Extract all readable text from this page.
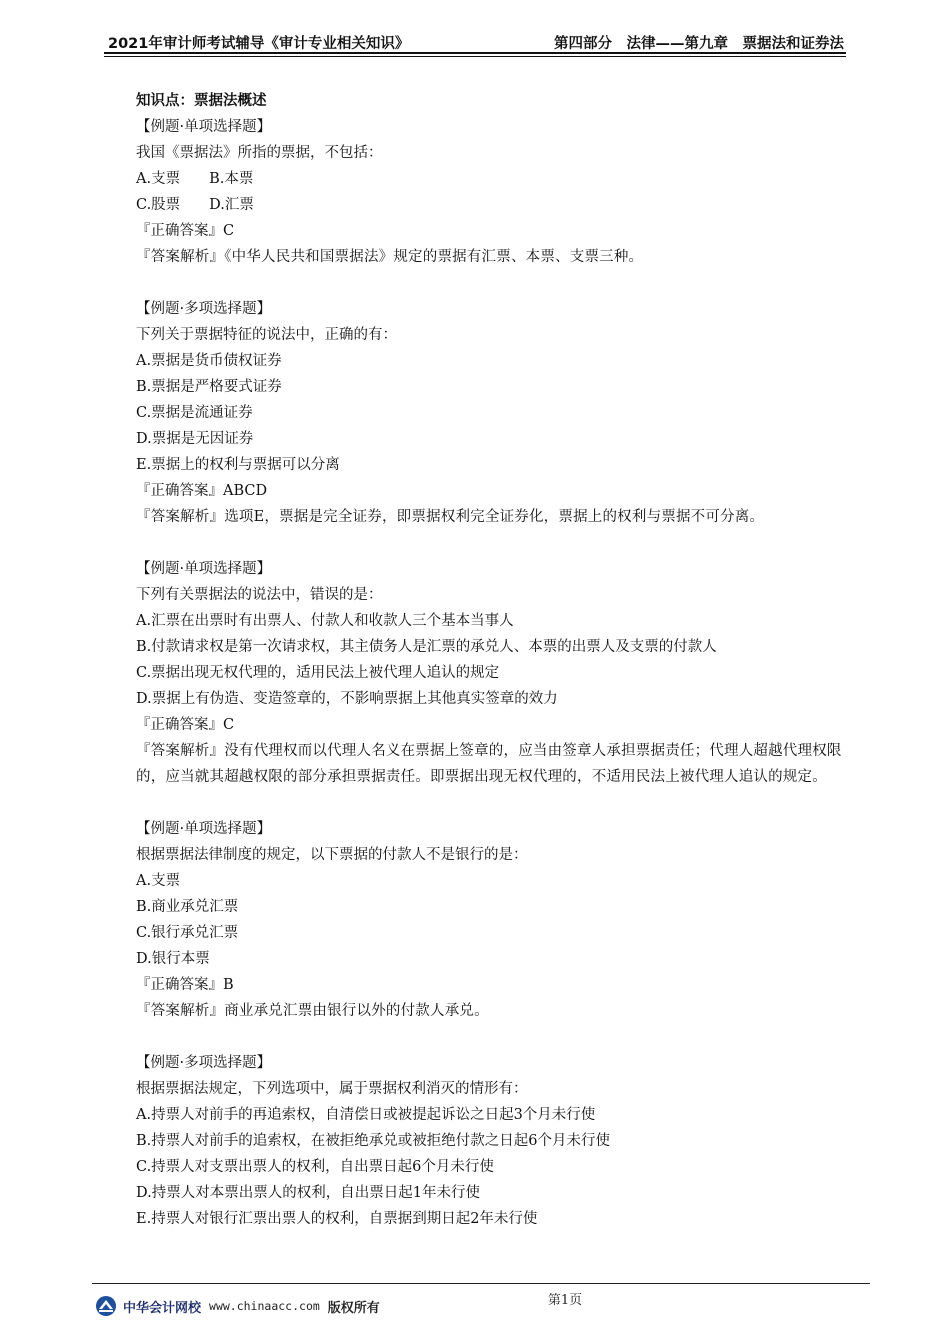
2021年审计师考试辅导《审计专业相关知识》	第四部分　法律——第九章　票据法和证券法
知识点：票据法概述
【例题·单项选择题】
我国《票据法》所指的票据，不包括：
A.支票　　B.本票
C.股票　　D.汇票
『正确答案』C
『答案解析』《中华人民共和国票据法》规定的票据有汇票、本票、支票三种。
【例题·多项选择题】
下列关于票据特征的说法中，正确的有：
A.票据是货币债权证券
B.票据是严格要式证券
C.票据是流通证券
D.票据是无因证券
E.票据上的权利与票据可以分离
『正确答案』ABCD
『答案解析』选项E，票据是完全证券，即票据权利完全证券化，票据上的权利与票据不可分离。
【例题·单项选择题】
下列有关票据法的说法中，错误的是：
A.汇票在出票时有出票人、付款人和收款人三个基本当事人
B.付款请求权是第一次请求权，其主债务人是汇票的承兑人、本票的出票人及支票的付款人
C.票据出现无权代理的，适用民法上被代理人追认的规定
D.票据上有伪造、变造签章的，不影响票据上其他真实签章的效力
『正确答案』C
『答案解析』没有代理权而以代理人名义在票据上签章的，应当由签章人承担票据责任；代理人超越代理权限的，应当就其超越权限的部分承担票据责任。即票据出现无权代理的，不适用民法上被代理人追认的规定。
【例题·单项选择题】
根据票据法律制度的规定，以下票据的付款人不是银行的是：
A.支票
B.商业承兑汇票
C.银行承兑汇票
D.银行本票
『正确答案』B
『答案解析』商业承兑汇票由银行以外的付款人承兑。
【例题·多项选择题】
根据票据法规定，下列选项中，属于票据权利消灭的情形有：
A.持票人对前手的再追索权，自清偿日或被提起诉讼之日起3个月未行使
B.持票人对前手的追索权，在被拒绝承兑或被拒绝付款之日起6个月未行使
C.持票人对支票出票人的权利，自出票日起6个月未行使
D.持票人对本票出票人的权利，自出票日起1年未行使
E.持票人对银行汇票出票人的权利，自票据到期日起2年未行使
中华会计网校 www.chinaacc.com 版权所有	第1页
